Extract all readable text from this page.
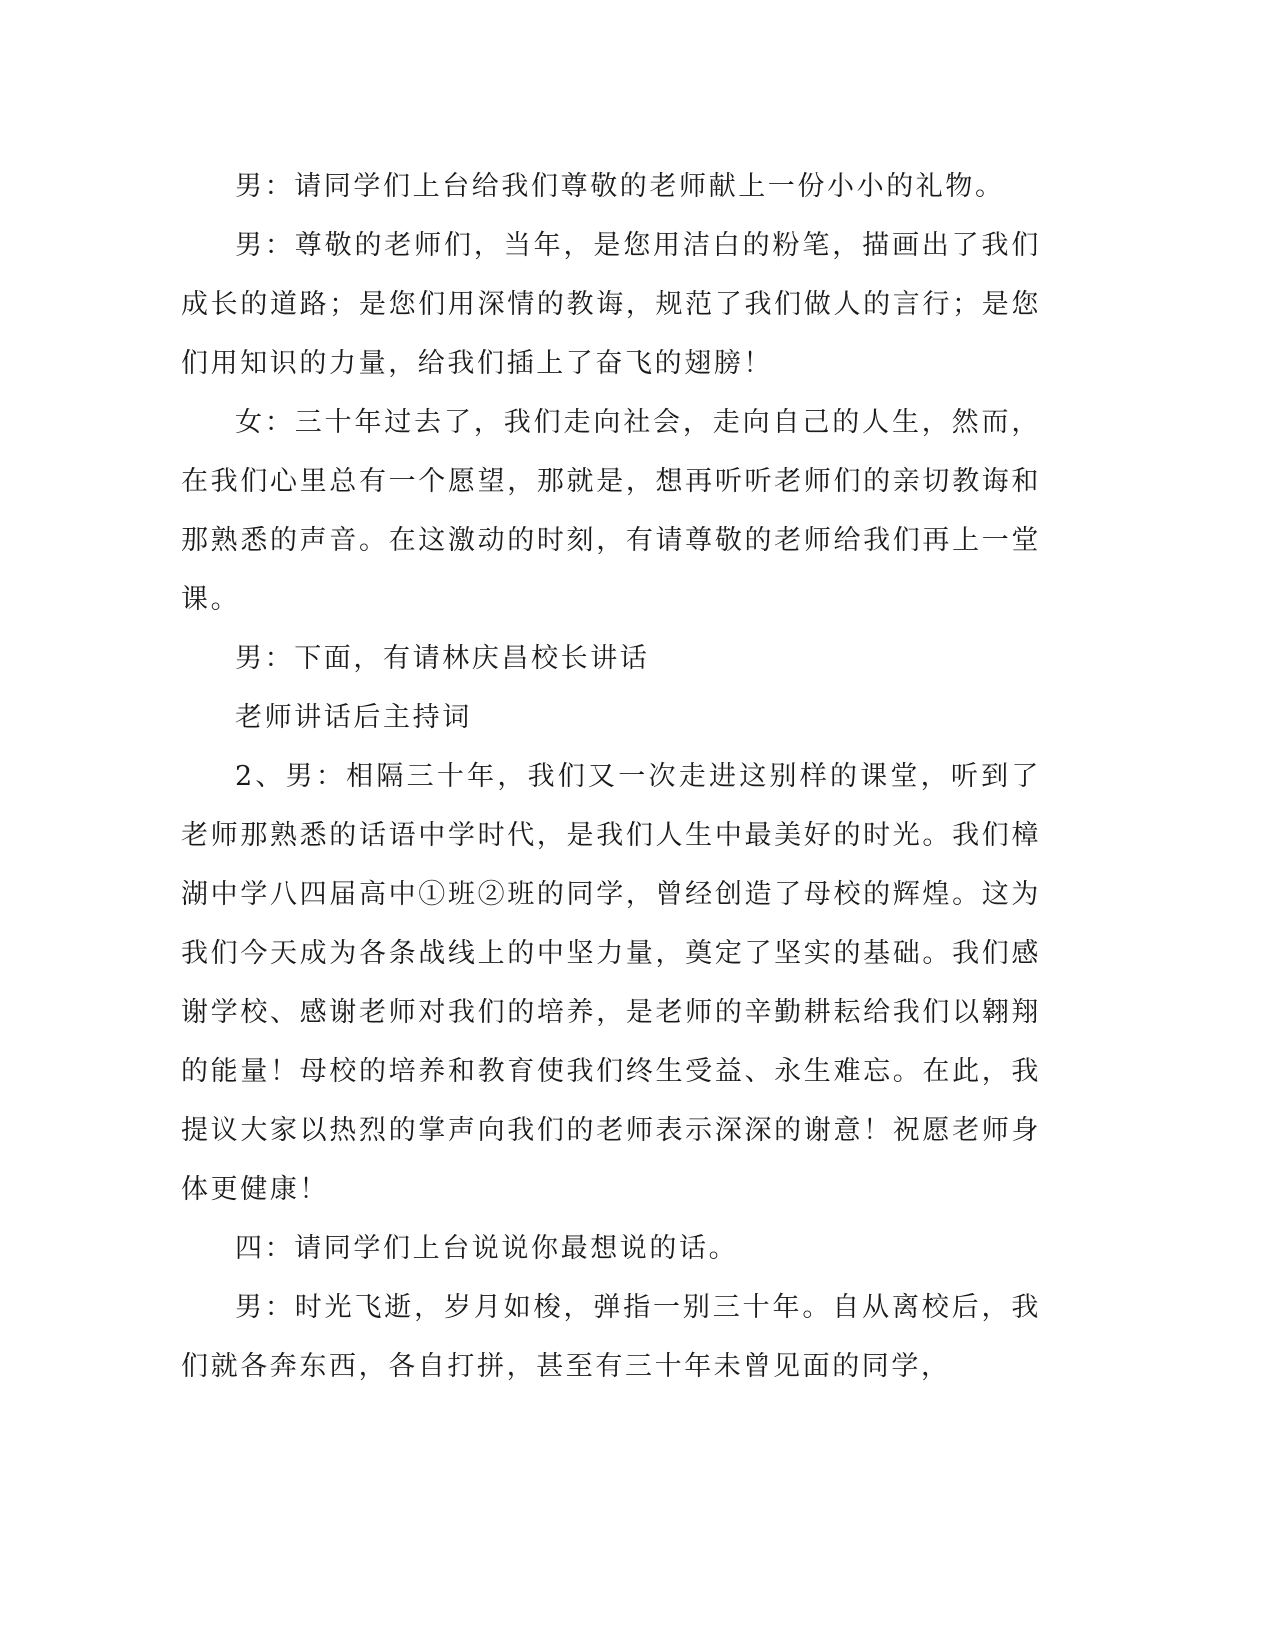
男：请同学们上台给我们尊敬的老师献上一份小小的礼物。

男：尊敬的老师们，当年，是您用洁白的粉笔，描画出了我们成长的道路；是您们用深情的教诲，规范了我们做人的言行；是您们用知识的力量，给我们插上了奋飞的翅膀！

女：三十年过去了，我们走向社会，走向自己的人生，然而，在我们心里总有一个愿望，那就是，想再听听老师们的亲切教诲和那熟悉的声音。在这激动的时刻，有请尊敬的老师给我们再上一堂课。

男：下面，有请林庆昌校长讲话

老师讲话后主持词

2、男：相隔三十年，我们又一次走进这别样的课堂，听到了老师那熟悉的话语中学时代，是我们人生中最美好的时光。我们樟湖中学八四届高中①班②班的同学，曾经创造了母校的辉煌。这为我们今天成为各条战线上的中坚力量，奠定了坚实的基础。我们感谢学校、感谢老师对我们的培养，是老师的辛勤耕耘给我们以翱翔的能量！母校的培养和教育使我们终生受益、永生难忘。在此，我提议大家以热烈的掌声向我们的老师表示深深的谢意！祝愿老师身体更健康！

四：请同学们上台说说你最想说的话。

男：时光飞逝，岁月如梭，弹指一别三十年。自从离校后，我们就各奔东西，各自打拼，甚至有三十年未曾见面的同学，
